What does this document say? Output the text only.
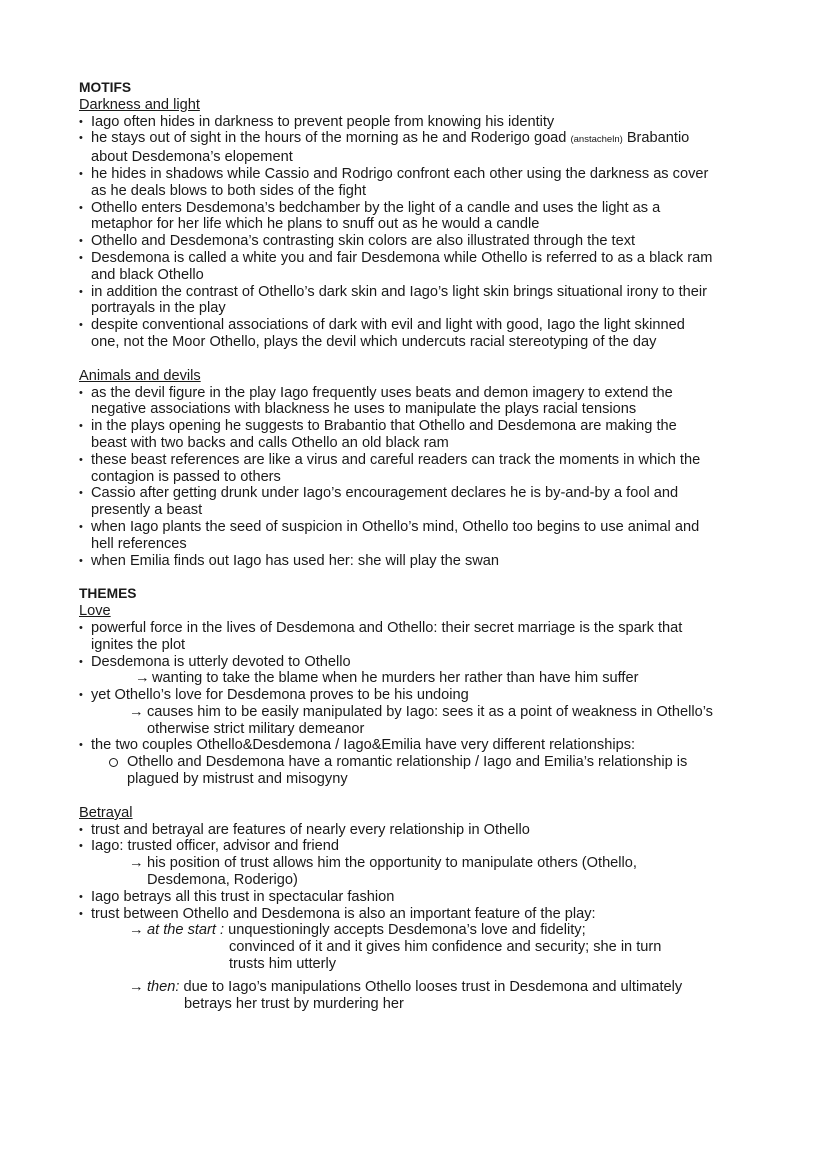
MOTIFS
Darkness and light
• Iago often hides in darkness to prevent people from knowing his identity
• he stays out of sight in the hours of the morning as he and Roderigo goad (anstacheln) Brabantio
about Desdemona’s elopement
• he hides in shadows while Cassio and Rodrigo confront each other using the darkness as cover
as he deals blows to both sides of the fight
• Othello enters Desdemona’s bedchamber by the light of a candle and uses the light as a
metaphor for her life which he plans to snuff out as he would a candle
• Othello and Desdemona’s contrasting skin colors are also illustrated through the text
• Desdemona is called a white you and fair Desdemona while Othello is referred to as a black ram
and black Othello
• in addition the contrast of Othello’s dark skin and Iago’s light skin brings situational irony to their
portrayals in the play
• despite conventional associations of dark with evil and light with good, Iago the light skinned
one, not the Moor Othello, plays the devil which undercuts racial stereotyping of the day
Animals and devils
• as the devil figure in the play Iago frequently uses beats and demon imagery to extend the
negative associations with blackness he uses to manipulate the plays racial tensions
• in the plays opening he suggests to Brabantio that Othello and Desdemona are making the
beast with two backs and calls Othello an old black ram
• these beast references are like a virus and careful readers can track the moments in which the
contagion is passed to others
• Cassio after getting drunk under Iago’s encouragement declares he is by-and-by a fool and
presently a beast
• when Iago plants the seed of suspicion in Othello’s mind, Othello too begins to use animal and
hell references
• when Emilia finds out Iago has used her: she will play the swan
THEMES
Love
• powerful force in the lives of Desdemona and Othello: their secret marriage is the spark that
ignites the plot
• Desdemona is utterly devoted to Othello
→ wanting to take the blame when he murders her rather than have him suffer
• yet Othello’s love for Desdemona proves to be his undoing
→ causes him to be easily manipulated by Iago: sees it as a point of weakness in Othello’s
otherwise strict military demeanor
• the two couples Othello&Desdemona / Iago&Emilia have very different relationships:
Othello and Desdemona have a romantic relationship / Iago and Emilia’s relationship is
plagued by mistrust and misogyny
Betrayal
• trust and betrayal are features of nearly every relationship in Othello
• Iago: trusted officer, advisor and friend
→ his position of trust allows him the opportunity to manipulate others (Othello,
Desdemona, Roderigo)
• Iago betrays all this trust in spectacular fashion
• trust between Othello and Desdemona is also an important feature of the play:
→ at the start : unquestioningly accepts Desdemona’s love and fidelity;
convinced of it and it gives him confidence and security; she in turn
trusts him utterly
→ then: due to Iago’s manipulations Othello looses trust in Desdemona and ultimately
betrays her trust by murdering her
